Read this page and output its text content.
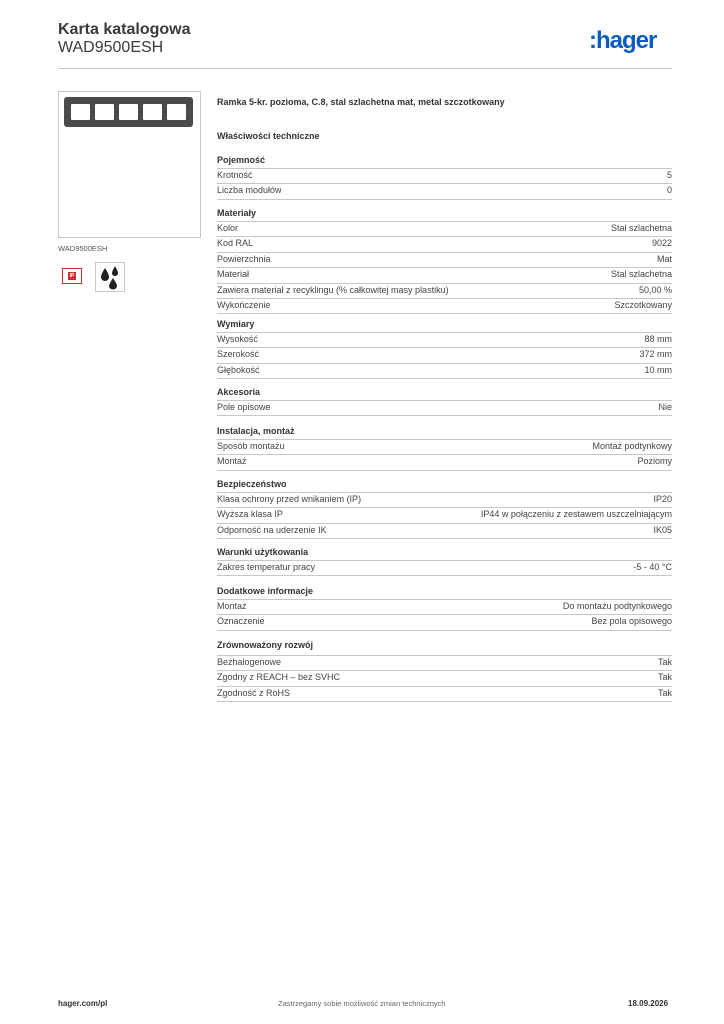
Karta katalogowa
WAD9500ESH	:hager
WAD9500ESH
IP
Ramka 5-kr. pozioma, C.8, stal szlachetna mat, metal szczotkowany
Właściwości techniczne
Pojemność
Krotność	5
Liczba modułów	0
Materiały
Kolor	Stal szlachetna
Kod RAL	9022
Powierzchnia	Mat
Materiał	Stal szlachetna
Zawiera materiał z recyklingu (% całkowitej masy plastiku)	50,00 %
Wykończenie	Szczotkowany
Wymiary
Wysokość	88 mm
Szerokość	372 mm
Głębokość	10 mm
Akcesoria
Pole opisowe	Nie
Instalacja, montaż
Sposób montażu	Montaż podtynkowy
Montaż	Poziomy
Bezpieczeństwo
Klasa ochrony przed wnikaniem (IP)	IP20
Wyższa klasa IP	IP44 w połączeniu z zestawem uszczelniającym
Odporność na uderzenie IK	IK05
Warunki użytkowania
Zakres temperatur pracy	-5 - 40 °C
Dodatkowe informacje
Montaż	Do montażu podtynkowego
Oznaczenie	Bez pola opisowego
Zrównoważony rozwój
Bezhalogenowe	Tak
Zgodny z REACH – bez SVHC	Tak
Zgodność z RoHS	Tak
hager.com/pl	Zastrzegamy sobie możliwość zmian technicznych	18.09.2026
